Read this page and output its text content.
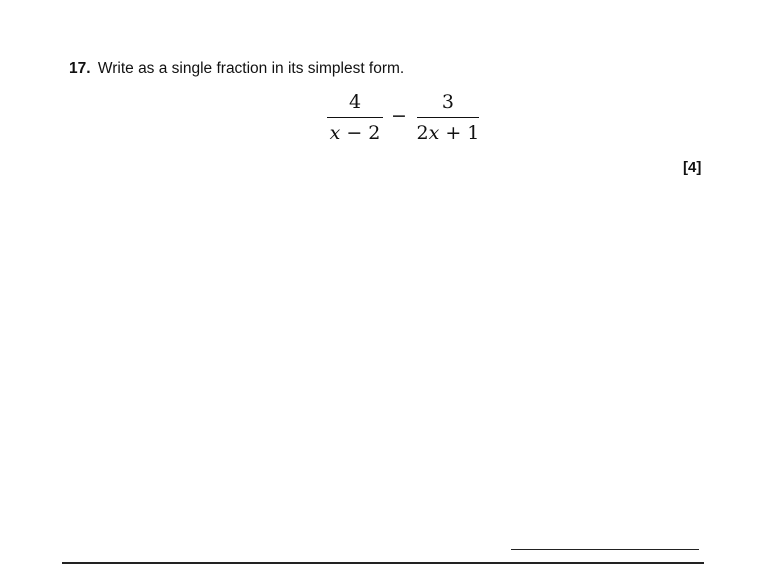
17. Write as a single fraction in its simplest form.
$\frac{4}{x - 2} - \frac{3}{2x + 1}$
[4]
